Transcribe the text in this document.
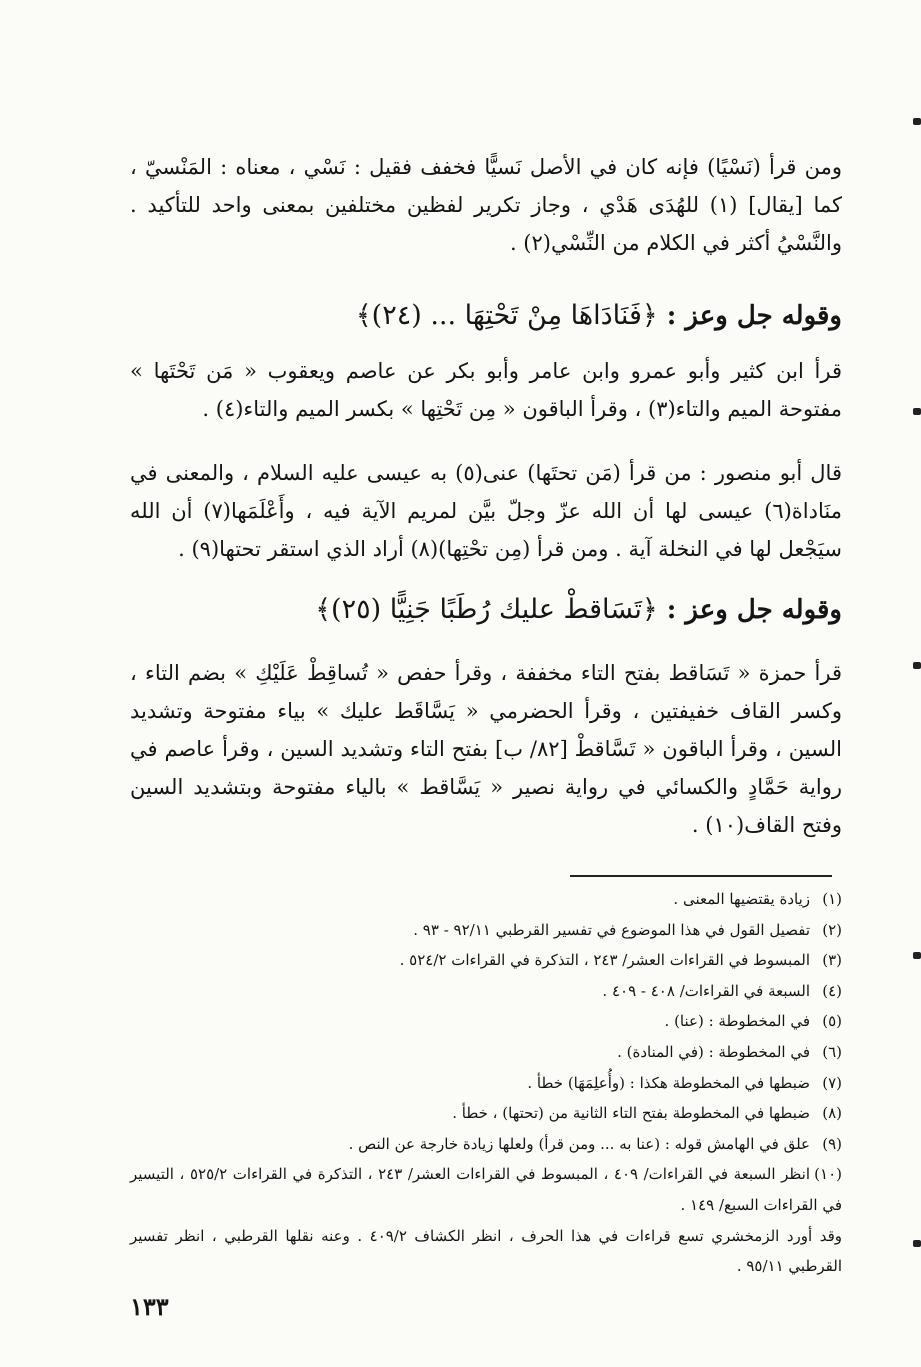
ومن قرأ (نَسْيًا) فإنه كان في الأصل نَسيًّا فخفف فقيل : نَسْي ، معناه : المَنْسيّ ، كما [يقال] (١) للهُدَى هَدْي ، وجاز تكرير لفظين مختلفين بمعنى واحد للتأكيد . والنَّسْيُ أكثر في الكلام من النِّسْي(٢) .

وقوله جل وعز : ﴿فَنَادَاهَا مِنْ تَحْتِهَا ... (٢٤)﴾

قرأ ابن كثير وأبو عمرو وابن عامر وأبو بكر عن عاصم ويعقوب « مَن تَحْتَها » مفتوحة الميم والتاء(٣) ، وقرأ الباقون « مِن تَحْتِها » بكسر الميم والتاء(٤) .

قال أبو منصور : من قرأ (مَن تحتَها) عنى(٥) به عيسى عليه السلام ، والمعنى في منَاداة(٦) عيسى لها أن الله عزّ وجلّ بيَّن لمريم الآية فيه ، وأَعْلَمَها(٧) أن الله سيَجْعل لها في النخلة آية . ومن قرأ (مِن تحْتِها)(٨) أراد الذي استقر تحتها(٩) .

وقوله جل وعز : ﴿تَسَاقطْ عليك رُطَبًا جَنِيًّا (٢٥)﴾

قرأ حمزة « تَسَاقط بفتح التاء مخففة ، وقرأ حفص « تُساقِطْ عَلَيْكِ » بضم التاء ، وكسر القاف خفيفتين ، وقرأ الحضرمي « يَسَّاقَط عليك » بياء مفتوحة وتشديد السين ، وقرأ الباقون « تَسَّاقطْ [٨٢/ ب] بفتح التاء وتشديد السين ، وقرأ عاصم في رواية حَمَّادٍ والكسائي في رواية نصير « يَسَّاقط » بالياء مفتوحة وبتشديد السين وفتح القاف(١٠) .

(١)زيادة يقتضيها المعنى .

(٢)تفصيل القول في هذا الموضوع في تفسير القرطبي ٩٢/١١ - ٩٣ .

(٣)المبسوط في القراءات العشر/ ٢٤٣ ، التذكرة في القراءات ٥٢٤/٢ .

(٤)السبعة في القراءات/ ٤٠٨ - ٤٠٩ .

(٥)في المخطوطة : (عنا) .

(٦)في المخطوطة : (في المنادة) .

(٧)ضبطها في المخطوطة هكذا : (وأُعلِمَهَا) خطأ .

(٨)ضبطها في المخطوطة بفتح التاء الثانية من (تحتها) ، خطأ .

(٩)علق في الهامش قوله : (عنا به ... ومن قرأ) ولعلها زيادة خارجة عن النص .

(١٠)انظر السبعة في القراءات/ ٤٠٩ ، المبسوط في القراءات العشر/ ٢٤٣ ، التذكرة في القراءات ٥٢٥/٢ ، التيسير في القراءات السبع/ ١٤٩ .

وقد أورد الزمخشري تسع قراءات في هذا الحرف ، انظر الكشاف ٤٠٩/٢ . وعنه نقلها القرطبي ، انظر تفسير القرطبي ٩٥/١١ .

١٣٣
